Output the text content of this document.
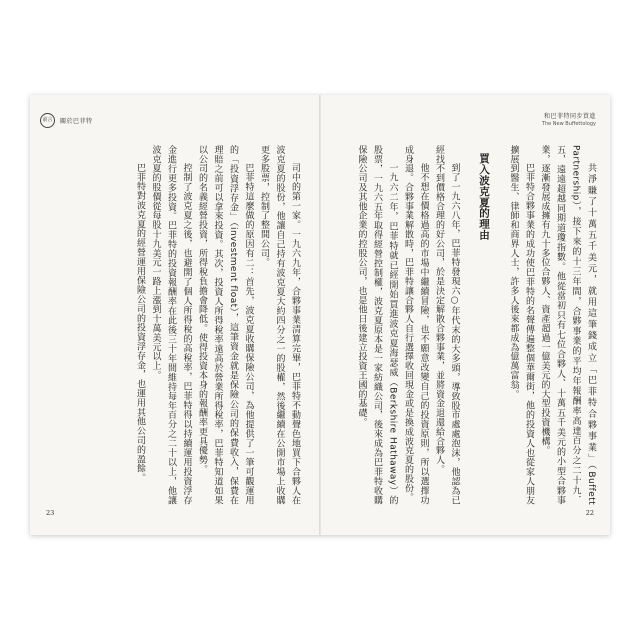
前言	關於巴菲特

司中的第一家。一九六九年，合夥事業清算完畢，巴菲特不動聲色地買下合夥人在波克夏的股份，他讓自己持有波克夏大約四分之一的股權，然後繼續在公開市場上收購更多股票，控制了整間公司。

巴菲特這麼做的原因有二：首先，波克夏收購保險公司，為他提供了一筆可觀運用的「投資浮存金」（investment float），這筆資金就是保險公司的保費收入，保費在理賠之前可以拿來投資。其次，投資人所得稅率遠高於營業所得稅率，巴菲特知道如果以公司的名義經營投資，所得稅負擔會降低。使得投資本身的報酬率更具優勢。

控制了波克夏之後，也避開了個人所得稅的高稅率，巴菲特得以持續運用投資浮存金進行更多投資。巴菲特的投資報酬率在此後三十年間維持每年百分之二十以上，他讓波克夏的股價從每股十九美元一路上漲到十萬美元以上。

巴菲特對波克夏的經營運用保險公司的投資浮存金，也運用其他公司的盈餘。

23
和巴菲特同步買進
The New Buffettology

共淨賺了十萬五千美元，就用這筆錢成立「巴菲特合夥事業」（Buffett Partnership），接下來的十三年間，合夥事業的平均年報酬率高達百分之二十九．五，遠遠超越同期道瓊指數。他從當初只有七位合夥人、十萬五千美元的小型合夥事業，逐漸發展成擁有九十多位合夥人、資產超過一億美元的大型投資機構。

巴菲特合夥事業的成功使巴菲特的名聲傳遍整個華爾街，他的投資人也從家人朋友擴展到醫生、律師和商界人士，許多人後來都成為億萬富翁。

買入波克夏的理由

到了一九六八年，巴菲特發現六○年代末的大多頭，導致股市處處泡沫，他認為已經找不到價格合理的好公司，於是決定解散合夥事業，並將資金退還給合夥人。

他不想在價格過高的市場中繼續冒險，也不願意改變自己的投資原則，所以選擇功成身退。合夥事業解散時，巴菲特讓合夥人自行選擇收回現金或是換成波克夏的股份。

一九六二年，巴菲特就已經開始買進波克夏海瑟威（Berkshire Hathaway）的股票，一九六五年取得經營控制權，波克夏原本是一家紡織公司，後來成為巴菲特收購保險公司及其他企業的控股公司，也是他日後建立投資王國的基礎。

22
